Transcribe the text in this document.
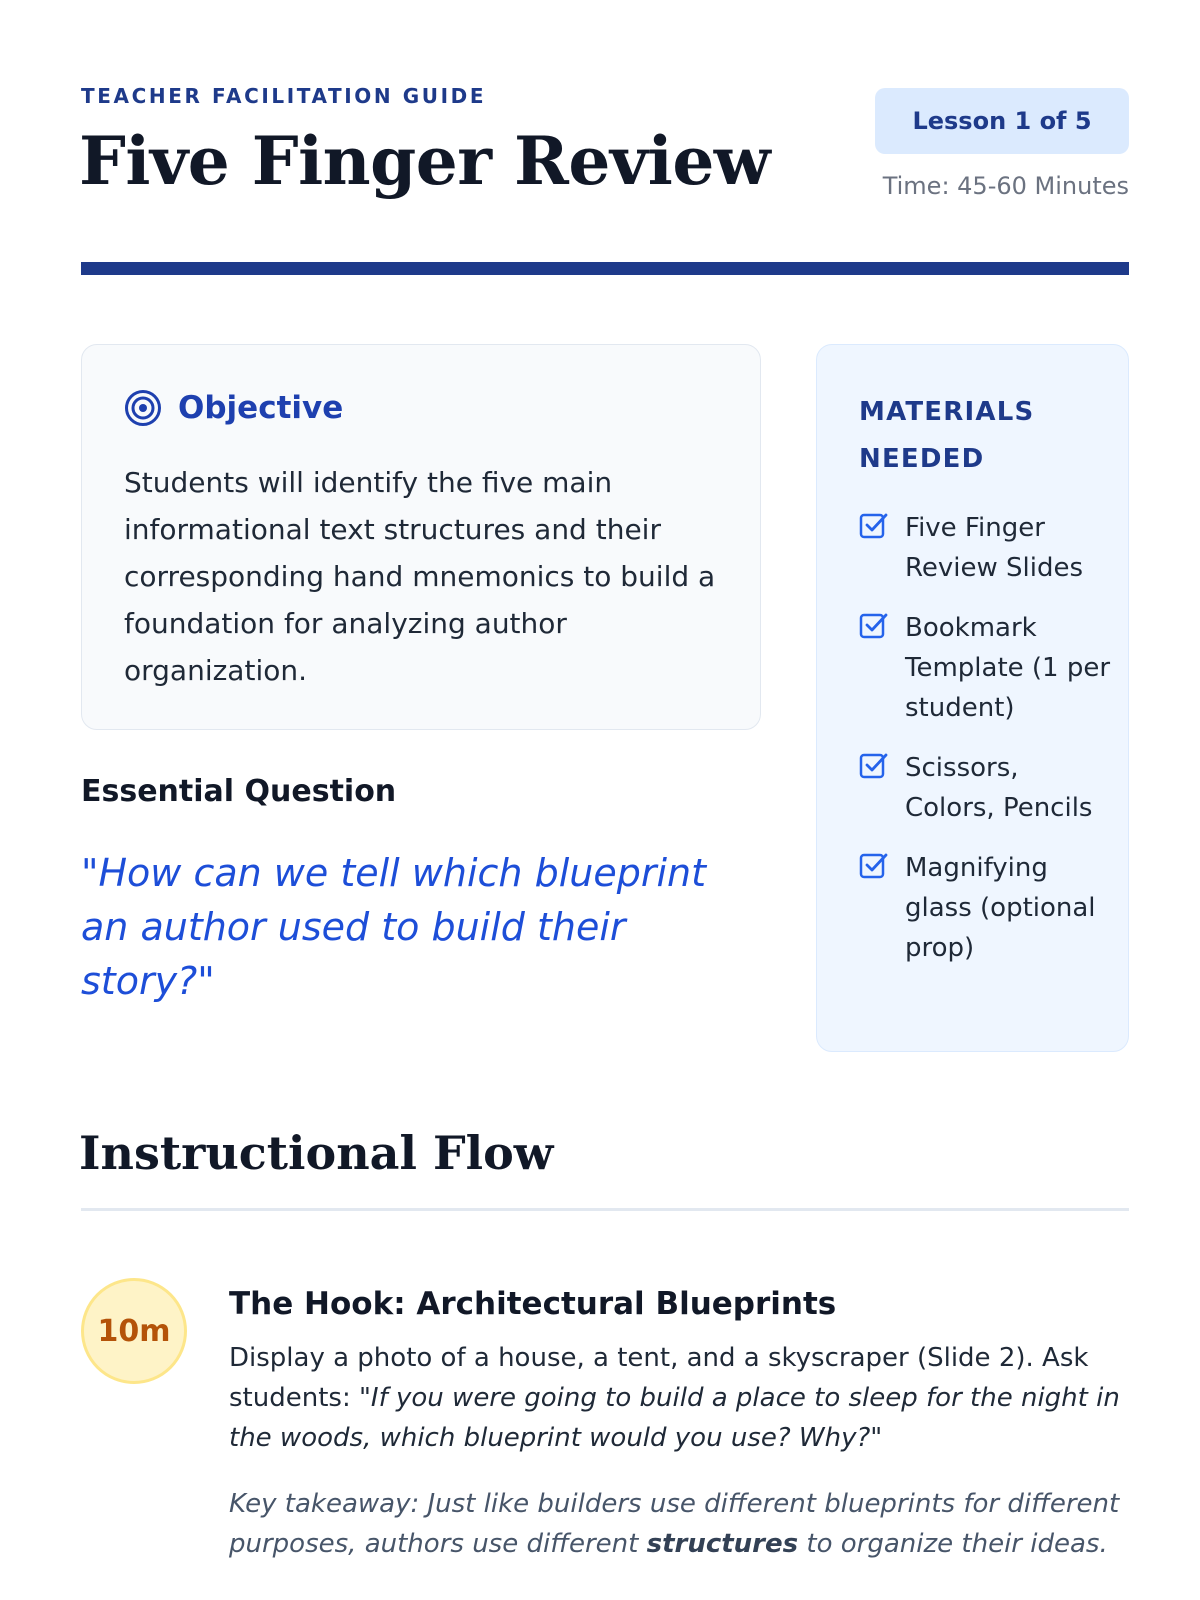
TEACHER FACILITATION GUIDE
Five Finger Review
Lesson 1 of 5
Time: 45-60 Minutes
Objective
Students will identify the five main informational text structures and their corresponding hand mnemonics to build a foundation for analyzing author organization.
Essential Question
"How can we tell which blueprint an author used to build their story?"
MATERIALS NEEDED
Five Finger Review Slides
Bookmark Template (1 per student)
Scissors, Colors, Pencils
Magnifying glass (optional prop)
Instructional Flow
10m
The Hook: Architectural Blueprints
Display a photo of a house, a tent, and a skyscraper (Slide 2). Ask students: "If you were going to build a place to sleep for the night in the woods, which blueprint would you use? Why?"
Key takeaway: Just like builders use different blueprints for different purposes, authors use different structures to organize their ideas.
